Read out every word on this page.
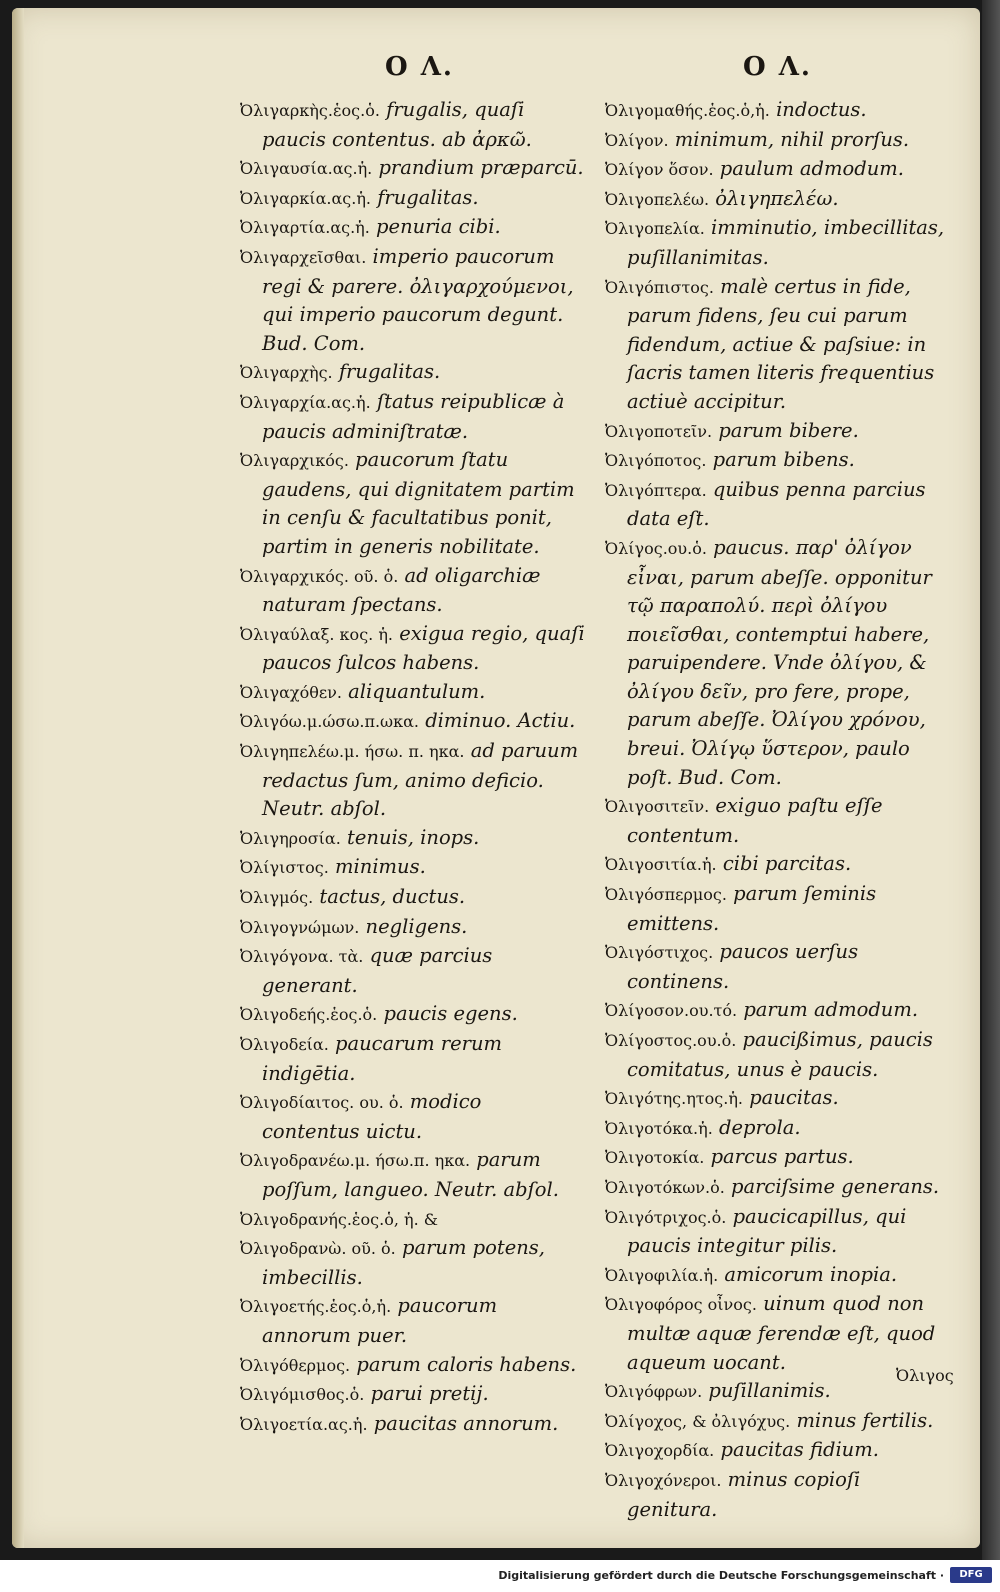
O Λ.	O Λ.

Ὀλιγαρκὴς.ἑος.ὁ. frugalis, quaſi paucis contentus. ab ἀρκῶ.

Ὀλιγαυσία.ας.ἡ. prandium præparcū.

Ὀλιγαρκία.ας.ἡ. frugalitas.

Ὀλιγαρτία.ας.ἡ. penuria cibi.

Ὀλιγαρχεῖσθαι. imperio paucorum regi & parere. ὀλιγαρχούμενοι, qui imperio paucorum degunt. Bud. Com.

Ὀλιγαρχὴς. frugalitas.

Ὀλιγαρχία.ας.ἡ. ſtatus reipublicæ à paucis adminiſtratæ.

Ὀλιγαρχικός. paucorum ſtatu gaudens, qui dignitatem partim in cenſu & facultatibus ponit, partim in generis nobilitate.

Ὀλιγαρχικός. οῦ. ὁ. ad oligarchiæ naturam ſpectans.

Ὀλιγαύλαξ. κος. ἡ. exigua regio, quaſi paucos ſulcos habens.

Ὀλιγαχόθεν. aliquantulum.

Ὀλιγόω.μ.ώσω.π.ωκα. diminuo. Actiu.

Ὀλιγηπελέω.μ. ήσω. π. ηκα. ad paruum redactus ſum, animo deficio. Neutr. abſol.

Ὀλιγηροσία. tenuis, inops.

Ὀλίγιστος. minimus.

Ὀλιγμός. tactus, ductus.

Ὀλιγογνώμων. negligens.

Ὀλιγόγονα. τὰ. quæ parcius generant.

Ὀλιγοδεής.ἑος.ὁ. paucis egens.

Ὀλιγοδεία. paucarum rerum indigētia.

Ὀλιγοδίαιτος. ου. ὁ. modico contentus uictu.

Ὀλιγοδρανέω.μ. ήσω.π. ηκα. parum poſſum, langueo. Neutr. abſol.

Ὀλιγοδρανής.ἑος.ὁ, ἡ. &

Ὀλιγοδρανὼ. οῦ. ὁ. parum potens, imbecillis.

Ὀλιγοετής.ἑος.ὁ,ἡ. paucorum annorum puer.

Ὀλιγόθερμος. parum caloris habens.

Ὀλιγόμισθος.ὁ. parui pretij.

Ὀλιγοετία.ας.ἡ. paucitas annorum.

Ὀλιγομαθής.ἑος.ὁ,ἡ. indoctus.

Ὀλίγον. minimum, nihil prorſus.

Ὀλίγον ὅσον. paulum admodum.

Ὀλιγοπελέω. ὀλιγηπελέω.

Ὀλιγοπελία. imminutio, imbecillitas, puſillanimitas.

Ὀλιγόπιστος. malè certus in fide, parum fidens, ſeu cui parum fidendum, actiue & paſsiue: in ſacris tamen literis frequentius actiuè accipitur.

Ὀλιγοποτεῖν. parum bibere.

Ὀλιγόποτος. parum bibens.

Ὀλιγόπτερα. quibus penna parcius data eſt.

Ὀλίγος.ου.ὁ. paucus. παρ' ὀλίγον εἶναι, parum abeſſe. opponitur τῷ παραπολύ. περὶ ὀλίγου ποιεῖσθαι, contemptui habere, paruipendere. Vnde ὀλίγου, & ὀλίγου δεῖν, pro fere, prope, parum abeſſe. Ὀλίγου χρόνου, breui. Ὀλίγῳ ὕστερον, paulo poſt. Bud. Com.

Ὀλιγοσιτεῖν. exiguo paſtu eſſe contentum.

Ὀλιγοσιτία.ἡ. cibi parcitas.

Ὀλιγόσπερμος. parum ſeminis emittens.

Ὀλιγόστιχος. paucos uerſus continens.

Ὀλίγοσον.ου.τό. parum admodum.

Ὀλίγοστος.ου.ὁ. paucißimus, paucis comitatus, unus è paucis.

Ὀλιγότης.ητος.ἡ. paucitas.

Ὀλιγοτόκα.ἡ. deprola.

Ὀλιγοτοκία. parcus partus.

Ὀλιγοτόκων.ὁ. parciſsime generans.

Ὀλιγότριχος.ὁ. paucicapillus, qui paucis integitur pilis.

Ὀλιγοφιλία.ἡ. amicorum inopia.

Ὀλιγοφόρος οἶνος. uinum quod non multæ aquæ ferendæ eſt, quod aqueum uocant.

Ὀλιγόφρων. puſillanimis.

Ὀλίγοχος, & ὀλιγόχυς. minus fertilis.

Ὀλιγοχορδία. paucitas fidium.

Ὀλιγοχόνεροι. minus copioſi genitura.

Ὀλιγος
Digitalisierung gefördert durch die Deutsche Forschungsgemeinschaft ·	DFG
